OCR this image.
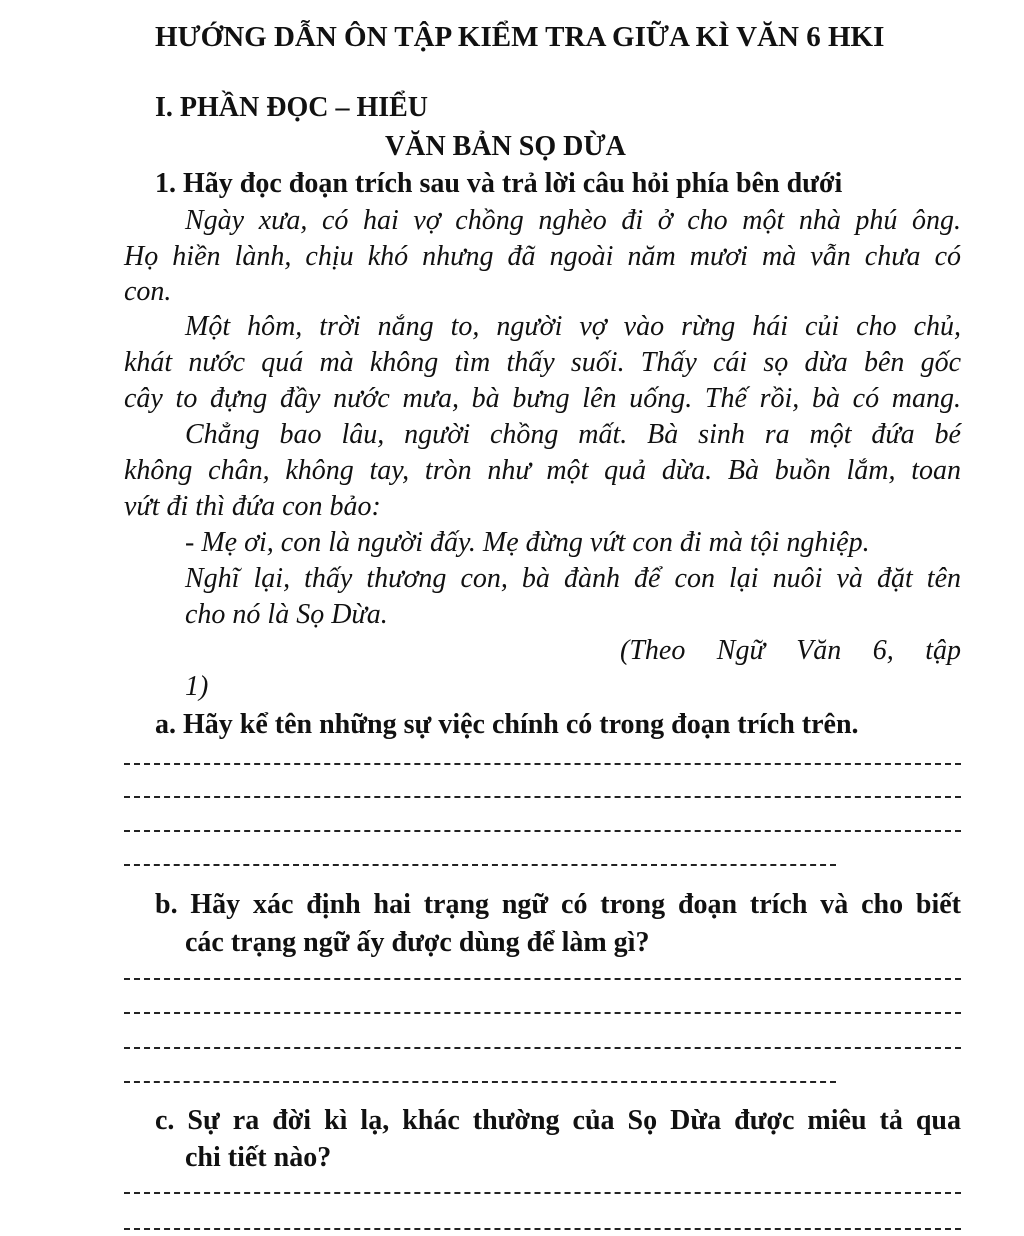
HƯỚNG DẪN ÔN TẬP KIỂM TRA GIỮA KÌ VĂN 6 HKI
I. PHẦN ĐỌC – HIỂU
VĂN BẢN SỌ DỪA
1. Hãy đọc đoạn trích sau và trả lời câu hỏi phía bên dưới
Ngày xưa, có hai vợ chồng nghèo đi ở cho một nhà phú ông.
Họ hiền lành, chịu khó nhưng đã ngoài năm mươi mà vẫn chưa có
con.
Một hôm, trời nắng to, người vợ vào rừng hái củi cho chủ,
khát nước quá mà không tìm thấy suối. Thấy cái sọ dừa bên gốc
cây to đựng đầy nước mưa, bà bưng lên uống. Thế rồi, bà có mang.
Chẳng bao lâu, người chồng mất. Bà sinh ra một đứa bé
không chân, không tay, tròn như một quả dừa. Bà buồn lắm, toan
vứt đi thì đứa con bảo:
- Mẹ ơi, con là người đấy. Mẹ đừng vứt con đi mà tội nghiệp.
Nghĩ lại, thấy thương con, bà đành để con lại nuôi và đặt tên
cho nó là Sọ Dừa.
(Theo Ngữ Văn 6, tập
1)
a. Hãy kể tên những sự việc chính có trong đoạn trích trên.
b. Hãy xác định hai trạng ngữ có trong đoạn trích và cho biết
các trạng ngữ ấy được dùng để làm gì?
c. Sự ra đời kì lạ, khác thường của Sọ Dừa được miêu tả qua
chi tiết nào?
